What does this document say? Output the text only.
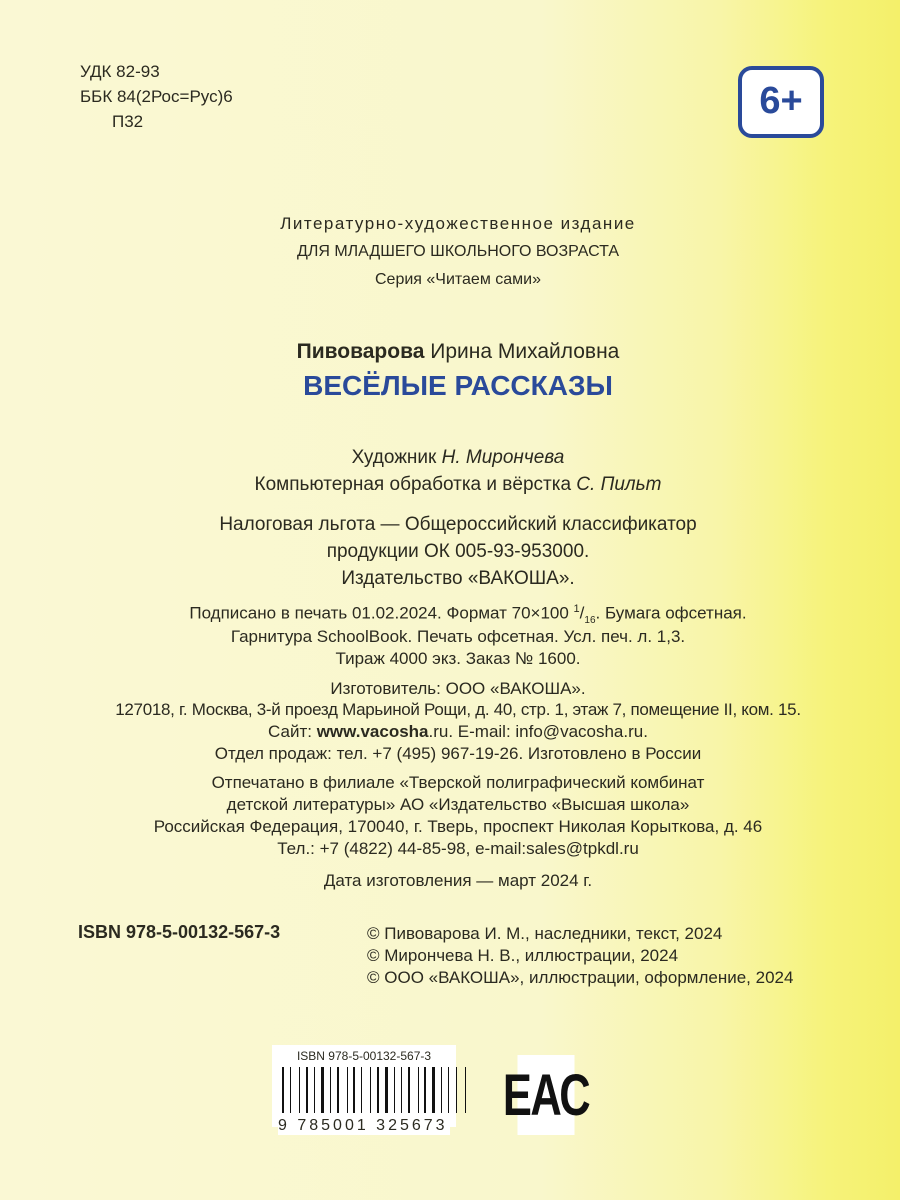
УДК 82-93
ББК 84(2Рос=Рус)6
П32	6+
Литературно-художественное издание
ДЛЯ МЛАДШЕГО ШКОЛЬНОГО ВОЗРАСТА
Серия «Читаем сами»
Пивоварова Ирина Михайловна
ВЕСЁЛЫЕ РАССКАЗЫ
Художник Н. Мирончева
Компьютерная обработка и вёрстка С. Пильт
Налоговая льгота — Общероссийский классификатор
продукции ОК 005-93-953000.
Издательство «ВАКОША».
Подписано в печать 01.02.2024. Формат 70×100 $^1/_{16}$. Бумага офсетная.
Гарнитура SchoolBook. Печать офсетная. Усл. печ. л. 1,3.
Тираж 4000 экз. Заказ № 1600.
Изготовитель: ООО «ВАКОША».
127018, г. Москва, 3-й проезд Марьиной Рощи, д. 40, стр. 1, этаж 7, помещение II, ком. 15.
Сайт: www.vacosha.ru. E-mail: info@vacosha.ru.
Отдел продаж: тел. +7 (495) 967-19-26. Изготовлено в России
Отпечатано в филиале «Тверской полиграфический комбинат
детской литературы» АО «Издательство «Высшая школа»
Российская Федерация, 170040, г. Тверь, проспект Николая Корыткова, д. 46
Тел.: +7 (4822) 44-85-98, e-mail:sales@tpkdl.ru
Дата изготовления — март 2024 г.
ISBN 978-5-00132-567-3	© Пивоварова И. М., наследники, текст, 2024
© Мирончева Н. В., иллюстрации, 2024
© ООО «ВАКОША», иллюстрации, оформление, 2024
ISBN 978-5-00132-567-3
9 785001 325673 ЕАС
